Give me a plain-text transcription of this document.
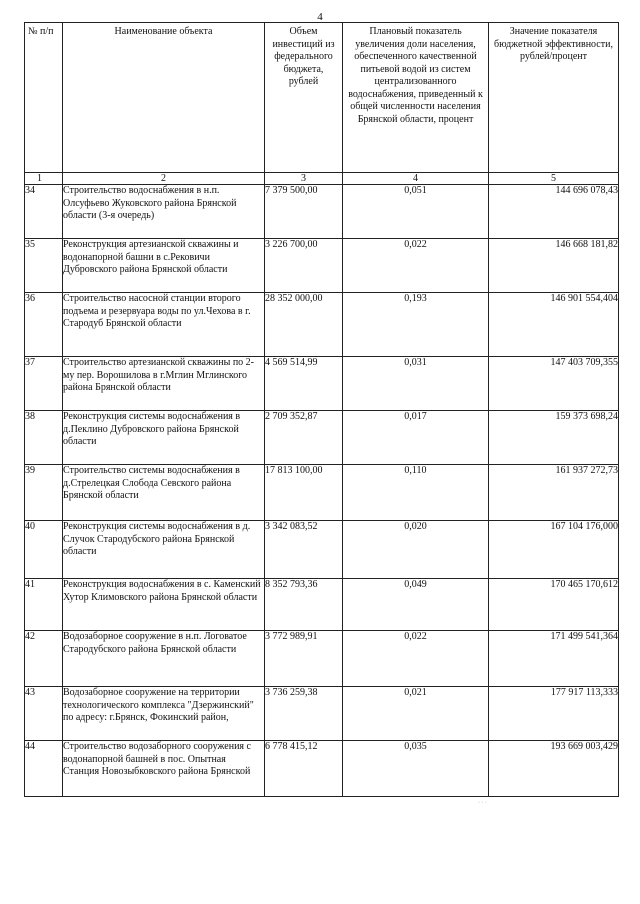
4
№ п/п	Наименование объекта	Объем инвестиций из федерального бюджета, рублей	Плановый показатель увеличения доли населения, обеспеченного качественной питьевой водой из систем централизованного водоснабжения, приведенный к общей численности населения Брянской области, процент	Значение показателя бюджетной эффективности, рублей/процент

1	2	3	4	5
34	Строительство водоснабжения в н.п. Олсуфьево Жуковского района Брянской области (3-я очередь)	7 379 500,00	0,051	144 696 078,43
35	Реконструкция артезианской скважины и водонапорной башни в с.Рековичи Дубровского района Брянской области	3 226 700,00	0,022	146 668 181,82
36	Строительство насосной станции второго подъема и резервуара воды по ул.Чехова в г. Стародуб Брянской области	28 352 000,00	0,193	146 901 554,404
37	Строительство артезианской скважины по 2-му пер. Ворошилова в г.Мглин Мглинского района Брянской области	4 569 514,99	0,031	147 403 709,355
38	Реконструкция системы водоснабжения в д.Пеклино Дубровского района Брянской области	2 709 352,87	0,017	159 373 698,24
39	Строительство системы водоснабжения в д.Стрелецкая Слобода Севского района Брянской области	17 813 100,00	0,110	161 937 272,73
40	Реконструкция системы водоснабжения в д. Случок Стародубского района Брянской области	3 342 083,52	0,020	167 104 176,000
41	Реконструкция водоснабжения в с. Каменский Хутор Климовского района Брянской области	8 352 793,36	0,049	170 465 170,612
42	Водозаборное сооружение в н.п. Логоватое Стародубского района Брянской области	3 772 989,91	0,022	171 499 541,364
43	Водозаборное сооружение на территории технологического комплекса "Дзержинский" по адресу: г.Брянск, Фокинский район,	3 736 259,38	0,021	177 917 113,333
44	Строительство водозаборного сооружения с водонапорной башней в пос. Опытная Станция Новозыбковского района Брянской	6 778 415,12	0,035	193 669 003,429
· · ·
